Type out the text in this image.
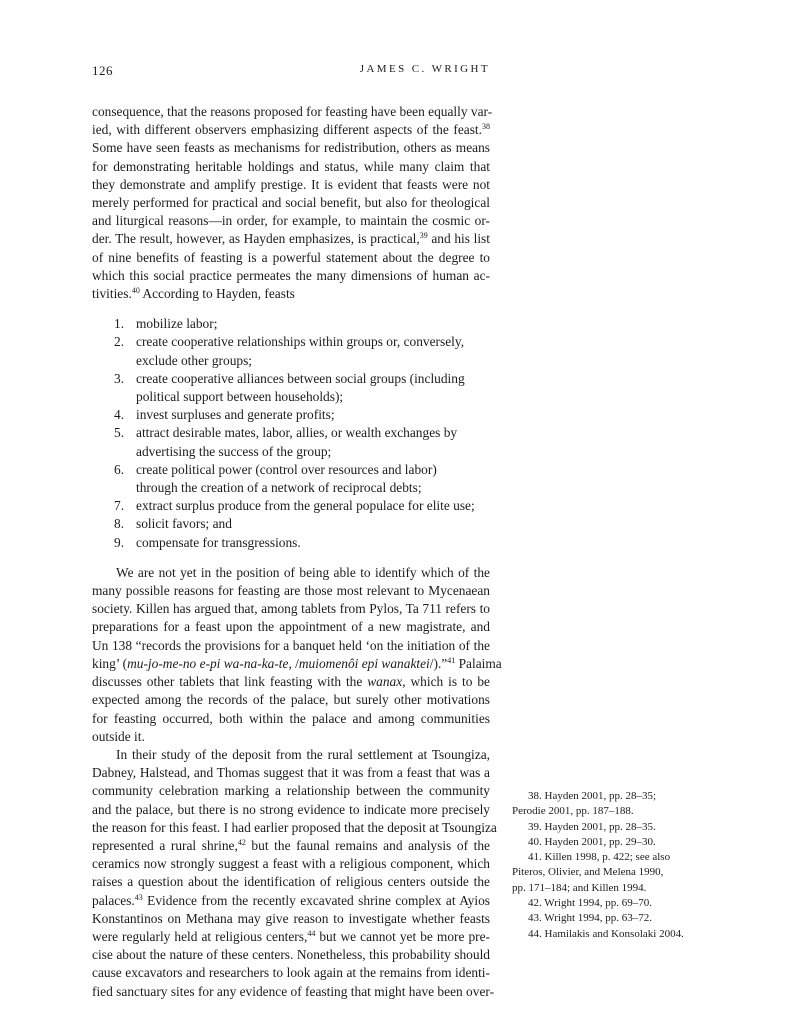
126	JAMES C. WRIGHT
consequence, that the reasons proposed for feasting have been equally var-
ied, with different observers emphasizing different aspects of the feast.$^{38}$
Some have seen feasts as mechanisms for redistribution, others as means
for demonstrating heritable holdings and status, while many claim that
they demonstrate and amplify prestige. It is evident that feasts were not
merely performed for practical and social benefit, but also for theological
and liturgical reasons—in order, for example, to maintain the cosmic or-
der. The result, however, as Hayden emphasizes, is practical,$^{39}$ and his list
of nine benefits of feasting is a powerful statement about the degree to
which this social practice permeates the many dimensions of human ac-
tivities.$^{40}$ According to Hayden, feasts
1. mobilize labor;
2. create cooperative relationships within groups or, conversely,
exclude other groups;
3. create cooperative alliances between social groups (including
political support between households);
4. invest surpluses and generate profits;
5. attract desirable mates, labor, allies, or wealth exchanges by
advertising the success of the group;
6. create political power (control over resources and labor)
through the creation of a network of reciprocal debts;
7. extract surplus produce from the general populace for elite use;
8. solicit favors; and
9. compensate for transgressions.
We are not yet in the position of being able to identify which of the
many possible reasons for feasting are those most relevant to Mycenaean
society. Killen has argued that, among tablets from Pylos, Ta 711 refers to
preparations for a feast upon the appointment of a new magistrate, and
Un 138 “records the provisions for a banquet held ‘on the initiation of the
king’ (mu-jo-me-no e-pi wa-na-ka-te, /muiomenôi epi wanaktei/).”$^{41}$ Palaima
discusses other tablets that link feasting with the wanax, which is to be
expected among the records of the palace, but surely other motivations
for feasting occurred, both within the palace and among communities
outside it.
In their study of the deposit from the rural settlement at Tsoungiza,
Dabney, Halstead, and Thomas suggest that it was from a feast that was a
community celebration marking a relationship between the community
and the palace, but there is no strong evidence to indicate more precisely
the reason for this feast. I had earlier proposed that the deposit at Tsoungiza
represented a rural shrine,$^{42}$ but the faunal remains and analysis of the
ceramics now strongly suggest a feast with a religious component, which
raises a question about the identification of religious centers outside the
palaces.$^{43}$ Evidence from the recently excavated shrine complex at Ayios
Konstantinos on Methana may give reason to investigate whether feasts
were regularly held at religious centers,$^{44}$ but we cannot yet be more pre-
cise about the nature of these centers. Nonetheless, this probability should
cause excavators and researchers to look again at the remains from identi-
fied sanctuary sites for any evidence of feasting that might have been over-
38. Hayden 2001, pp. 28–35;
Perodie 2001, pp. 187–188.
39. Hayden 2001, pp. 28–35.
40. Hayden 2001, pp. 29–30.
41. Killen 1998, p. 422; see also
Piteros, Olivier, and Melena 1990,
pp. 171–184; and Killen 1994.
42. Wright 1994, pp. 69–70.
43. Wright 1994, pp. 63–72.
44. Hamilakis and Konsolaki 2004.
